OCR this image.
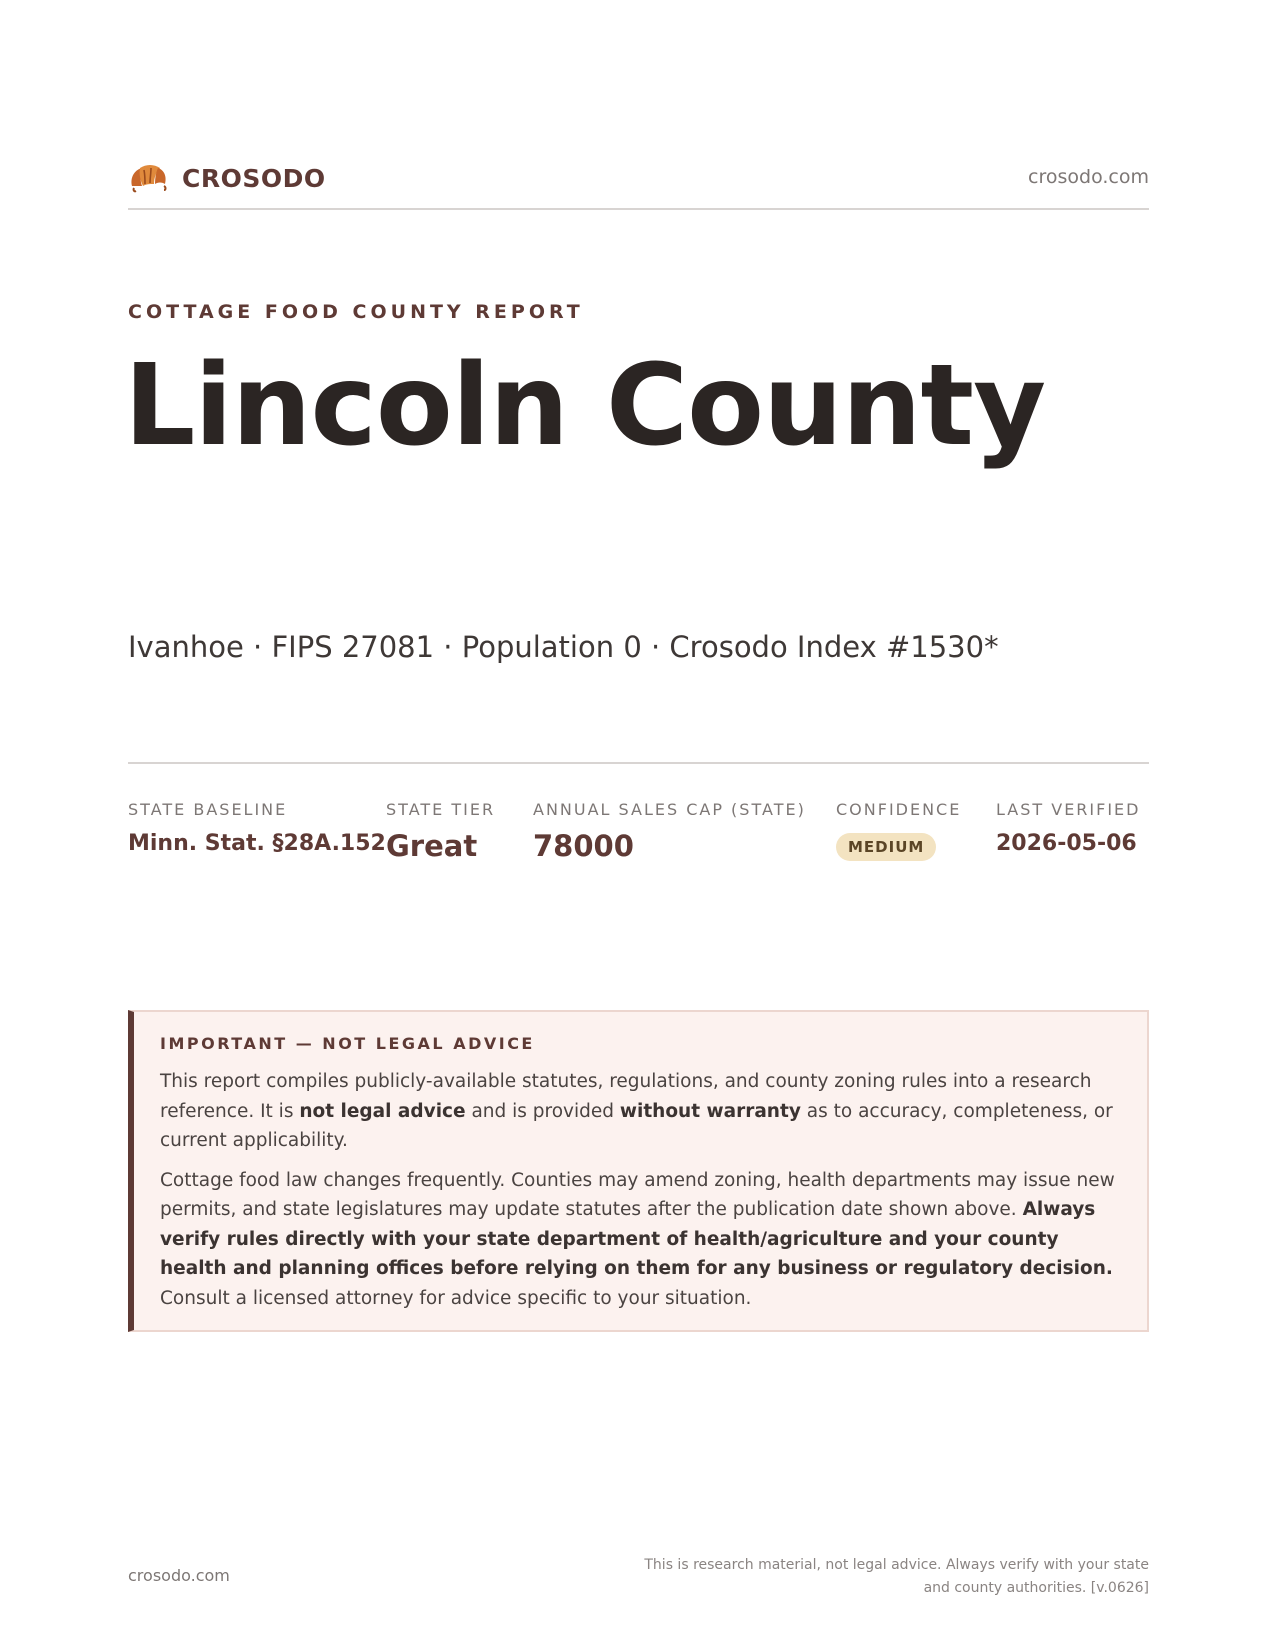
CROSODO	crosodo.com
COTTAGE FOOD COUNTY REPORT
Lincoln County
Ivanhoe · FIPS 27081 · Population 0 · Crosodo Index #1530*
STATE BASELINE
Minn. Stat. §28A.152
STATE TIER
Great
ANNUAL SALES CAP (STATE)
78000
CONFIDENCE
MEDIUM
LAST VERIFIED
2026-05-06
IMPORTANT — NOT LEGAL ADVICE

This report compiles publicly-available statutes, regulations, and county zoning rules into a research reference. It is not legal advice and is provided without warranty as to accuracy, completeness, or current applicability.

Cottage food law changes frequently. Counties may amend zoning, health departments may issue new permits, and state legislatures may update statutes after the publication date shown above. Always verify rules directly with your state department of health/agriculture and your county health and planning offices before relying on them for any business or regulatory decision. Consult a licensed attorney for advice specific to your situation.

crosodo.com
This is research material, not legal advice. Always verify with your state
and county authorities. [v.0626]
